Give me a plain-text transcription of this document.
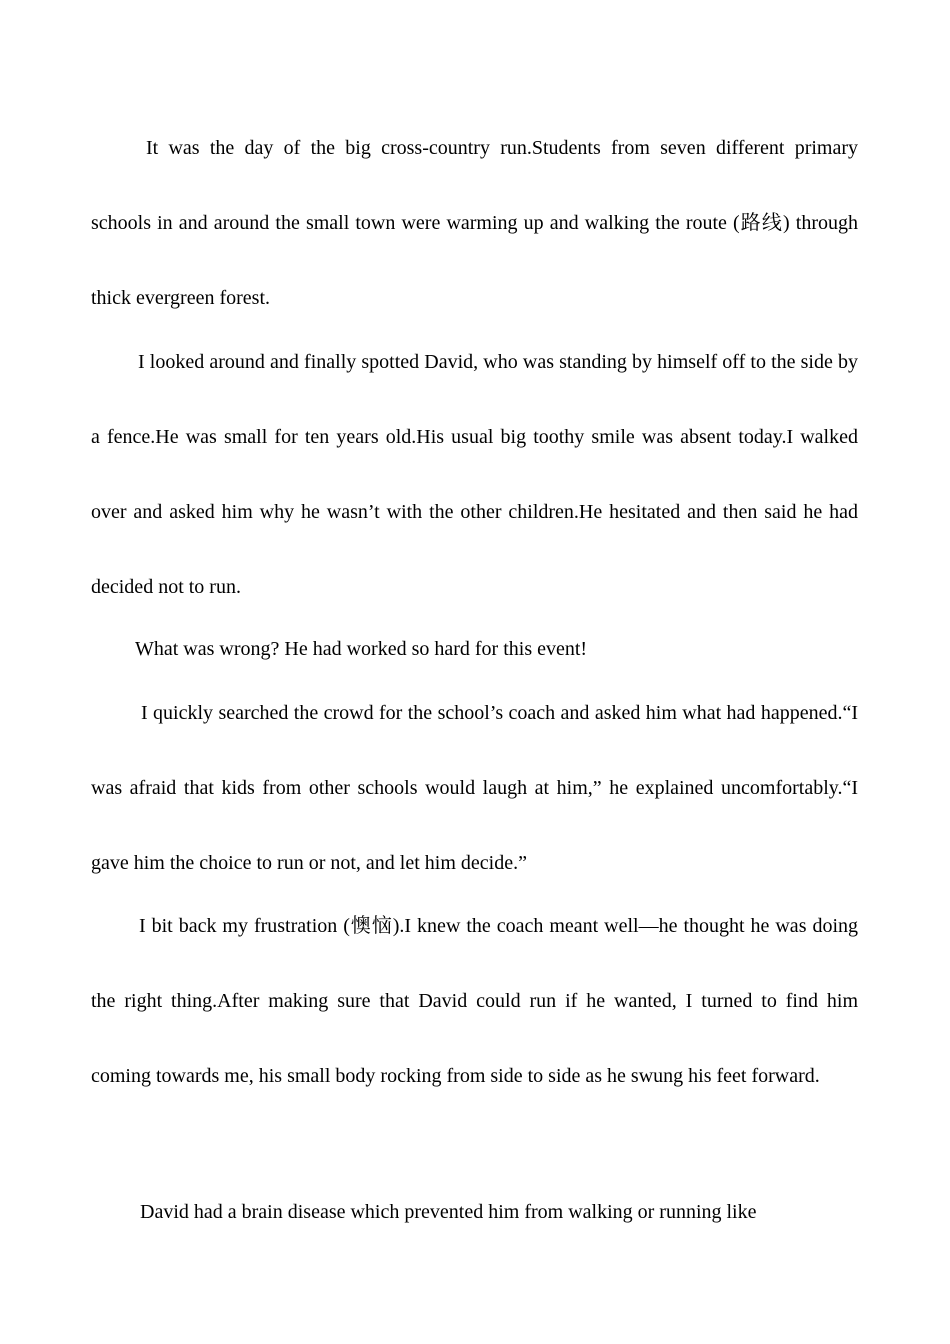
It was the day of the big cross-country run.Students from seven different primary schools in and around the small town were warming up and walking the route (路线) through thick evergreen forest.

I looked around and finally spotted David, who was standing by himself off to the side by a fence.He was small for ten years old.His usual big toothy smile was absent today.I walked over and asked him why he wasn’t with the other children.He hesitated and then said he had decided not to run.

What was wrong? He had worked so hard for this event!

I quickly searched the crowd for the school’s coach and asked him what had happened.“I was afraid that kids from other schools would laugh at him,” he explained uncomfortably.“I gave him the choice to run or not, and let him decide.”

I bit back my frustration (懊恼).I knew the coach meant well—he thought he was doing the right thing.After making sure that David could run if he wanted, I turned to find him coming towards me, his small body rocking from side to side as he swung his feet forward.

David had a brain disease which prevented him from walking or running like
